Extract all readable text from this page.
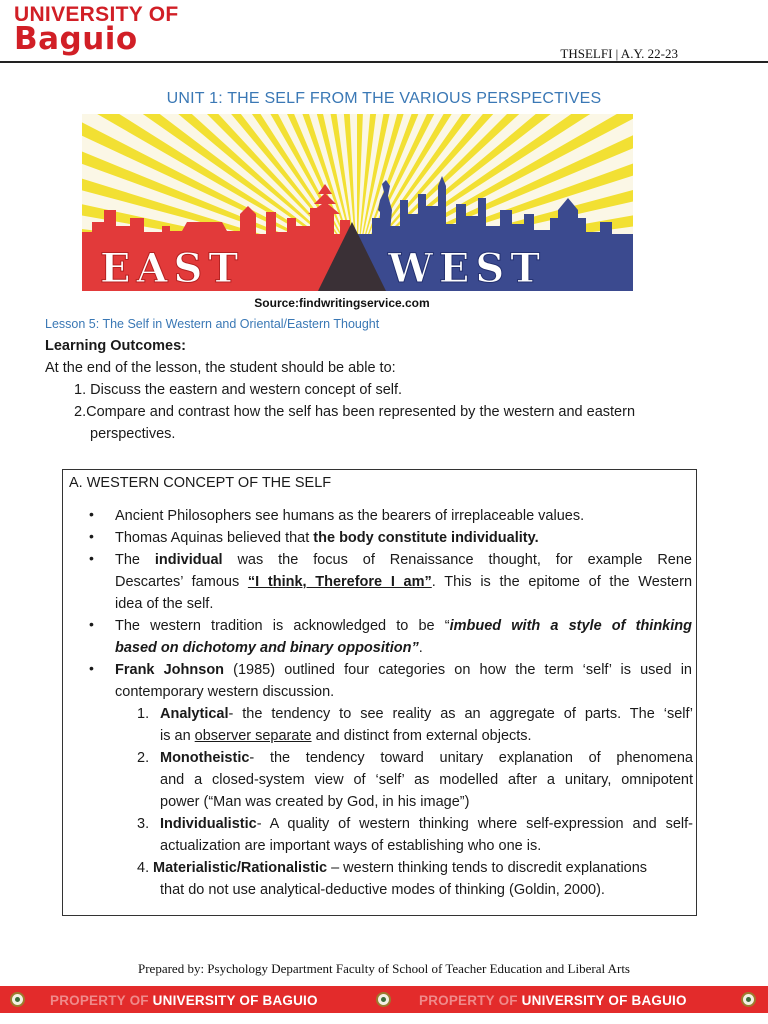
UNIVERSITY OF
Baguio	THSELFI | A.Y. 22-23
UNIT 1: THE SELF FROM THE VARIOUS PERSPECTIVES
EAST	WEST
Source:findwritingservice.com
Lesson 5: The Self in Western and Oriental/Eastern Thought
Learning Outcomes:
At the end of the lesson, the student should be able to:
1. Discuss the eastern and western concept of self.
2.Compare and contrast how the self has been represented by the western and eastern
perspectives.
A. WESTERN CONCEPT OF THE SELF
• Ancient Philosophers see humans as the bearers of irreplaceable values.
• Thomas Aquinas believed that the body constitute individuality.
• The individual was the focus of Renaissance thought, for example Rene
Descartes’ famous “I think, Therefore I am”. This is the epitome of the Western
idea of the self.
• The western tradition is acknowledged to be “imbued with a style of thinking
based on dichotomy and binary opposition”.
• Frank Johnson (1985) outlined four categories on how the term ‘self’ is used in
contemporary western discussion.
1. Analytical- the tendency to see reality as an aggregate of parts. The ‘self’
is an observer separate and distinct from external objects.
2. Monotheistic- the tendency toward unitary explanation of phenomena
and a closed-system view of ‘self’ as modelled after a unitary, omnipotent
power (“Man was created by God, in his image”)
3. Individualistic- A quality of western thinking where self-expression and self-
actualization are important ways of establishing who one is.
4. Materialistic/Rationalistic – western thinking tends to discredit explanations
that do not use analytical-deductive modes of thinking (Goldin, 2000).
Prepared by: Psychology Department Faculty of School of Teacher Education and Liberal Arts
PROPERTY OF UNIVERSITY OF BAGUIO	PROPERTY OF UNIVERSITY OF BAGUIO
